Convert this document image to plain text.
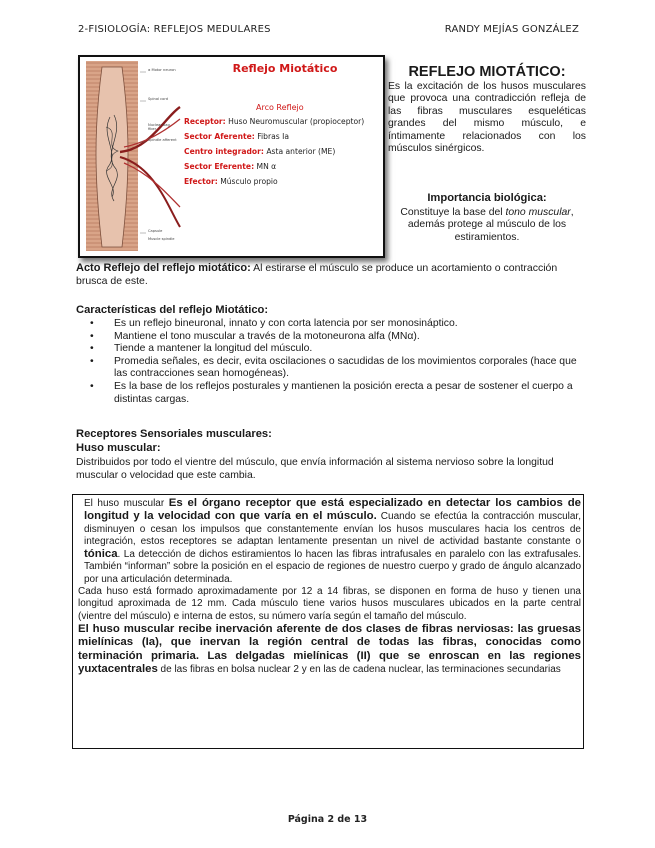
2-FISIOLOGÍA: REFLEJOS MEDULARES	RANDY MEJÍAS GONZÁLEZ
α Motor neuron
Spinal cord
Nuclear bag fiber
Spindle afferent
Capsule
Muscle spindle
Reflejo Miotático
Arco Reflejo
Receptor: Huso Neuromuscular (propioceptor)
Sector Aferente: Fibras Ia
Centro integrador: Asta anterior (ME)
Sector Eferente: MN α
Efector: Músculo propio
REFLEJO MIOTÁTICO:
Es la excitación de los husos musculares que provoca una contradicción refleja de las fibras musculares esqueléticas grandes del mismo músculo, e íntimamente relacionados con los músculos sinérgicos.
Importancia biológica:
Constituye la base del tono muscular, además protege al músculo de los estiramientos.
Acto Reflejo del reflejo miotático: Al estirarse el músculo se produce un acortamiento o contracción brusca de este.
Características del reflejo Miotático:
• Es un reflejo bineuronal, innato y con corta latencia por ser monosináptico.
• Mantiene el tono muscular a través de la motoneurona alfa (MNα).
• Tiende a mantener la longitud del músculo.
• Promedia señales, es decir, evita oscilaciones o sacudidas de los movimientos corporales (hace que las contracciones sean homogéneas).
• Es la base de los reflejos posturales y mantienen la posición erecta a pesar de sostener el cuerpo a distintas cargas.
Receptores Sensoriales musculares:
Huso muscular:
Distribuidos por todo el vientre del músculo, que envía información al sistema nervioso sobre la longitud muscular o velocidad que este cambia.

El huso muscular Es el órgano receptor que está especializado en detectar los cambios de longitud y la velocidad con que varía en el músculo. Cuando se efectúa la contracción muscular, disminuyen o cesan los impulsos que constantemente envían los husos musculares hacia los centros de integración, estos receptores se adaptan lentamente presentan un nivel de actividad bastante constante o tónica. La detección de dichos estiramientos lo hacen las fibras intrafusales en paralelo con las extrafusales. También “informan” sobre la posición en el espacio de regiones de nuestro cuerpo y grado de ángulo alcanzado por una articulación determinada.

Cada huso está formado aproximadamente por 12 a 14 fibras, se disponen en forma de huso y tienen una longitud aproximada de 12 mm. Cada músculo tiene varios husos musculares ubicados en la parte central (vientre del músculo) e interna de estos, su número varía según el tamaño del músculo.

El huso muscular recibe inervación aferente de dos clases de fibras nerviosas: las gruesas mielínicas (Ia), que inervan la región central de todas las fibras, conocidas como terminación primaria. Las delgadas mielínicas (II) que se enroscan en las regiones yuxtacentrales de las fibras en bolsa nuclear 2 y en las de cadena nuclear, las terminaciones secundarias

Página 2 de 13
